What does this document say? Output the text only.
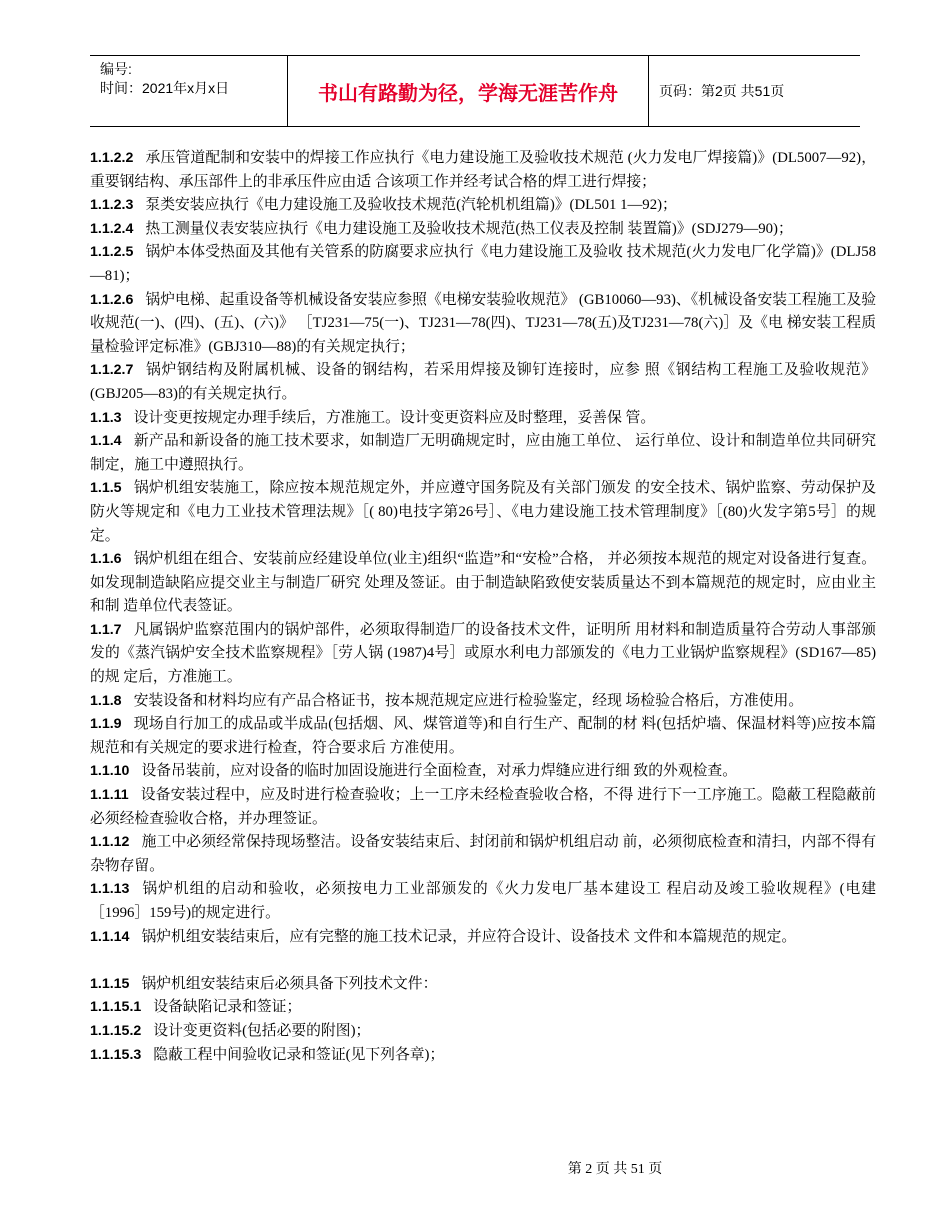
编号:
时间：2021年x月x日	书山有路勤为径，学海无涯苦作舟	页码：第2页 共51页

1.1.2.2 承压管道配制和安装中的焊接工作应执行《电力建设施工及验收技术规范 (火力发电厂焊接篇)》(DL5007—92)，重要钢结构、承压部件上的非承压件应由适 合该项工作并经考试合格的焊工进行焊接；

1.1.2.3 泵类安装应执行《电力建设施工及验收技术规范(汽轮机机组篇)》(DL501 1—92)；

1.1.2.4 热工测量仪表安装应执行《电力建设施工及验收技术规范(热工仪表及控制 装置篇)》(SDJ279—90)；

1.1.2.5 锅炉本体受热面及其他有关管系的防腐要求应执行《电力建设施工及验收 技术规范(火力发电厂化学篇)》(DLJ58—81)；

1.1.2.6 锅炉电梯、起重设备等机械设备安装应参照《电梯安装验收规范》 (GB10060—93)、《机械设备安装工程施工及验收规范(一)、(四)、(五)、(六)》 ［TJ231—75(一)、TJ231—78(四)、TJ231—78(五)及TJ231—78(六)］及《电 梯安装工程质量检验评定标准》(GBJ310—88)的有关规定执行；

1.1.2.7 锅炉钢结构及附属机械、设备的钢结构，若采用焊接及铆钉连接时，应参 照《钢结构工程施工及验收规范》(GBJ205—83)的有关规定执行。

1.1.3 设计变更按规定办理手续后，方准施工。设计变更资料应及时整理，妥善保 管。

1.1.4 新产品和新设备的施工技术要求，如制造厂无明确规定时，应由施工单位、 运行单位、设计和制造单位共同研究制定，施工中遵照执行。

1.1.5 锅炉机组安装施工，除应按本规范规定外，并应遵守国务院及有关部门颁发 的安全技术、锅炉监察、劳动保护及防火等规定和《电力工业技术管理法规》［( 80)电技字第26号］、《电力建设施工技术管理制度》［(80)火发字第5号］的规 定。

1.1.6 锅炉机组在组合、安装前应经建设单位(业主)组织“监造”和“安检”合格， 并必须按本规范的规定对设备进行复查。如发现制造缺陷应提交业主与制造厂研究 处理及签证。由于制造缺陷致使安装质量达不到本篇规范的规定时，应由业主和制 造单位代表签证。

1.1.7 凡属锅炉监察范围内的锅炉部件，必须取得制造厂的设备技术文件，证明所 用材料和制造质量符合劳动人事部颁发的《蒸汽锅炉安全技术监察规程》［劳人锅 (1987)4号］或原水利电力部颁发的《电力工业锅炉监察规程》(SD167—85)的规 定后，方准施工。

1.1.8 安装设备和材料均应有产品合格证书，按本规范规定应进行检验鉴定，经现 场检验合格后，方准使用。

1.1.9 现场自行加工的成品或半成品(包括烟、风、煤管道等)和自行生产、配制的材 料(包括炉墙、保温材料等)应按本篇规范和有关规定的要求进行检查，符合要求后 方准使用。

1.1.10 设备吊装前，应对设备的临时加固设施进行全面检查，对承力焊缝应进行细 致的外观检查。

1.1.11 设备安装过程中，应及时进行检查验收；上一工序未经检查验收合格，不得 进行下一工序施工。隐蔽工程隐蔽前必须经检查验收合格，并办理签证。

1.1.12 施工中必须经常保持现场整洁。设备安装结束后、封闭前和锅炉机组启动 前，必须彻底检查和清扫，内部不得有杂物存留。

1.1.13 锅炉机组的启动和验收，必须按电力工业部颁发的《火力发电厂基本建设工 程启动及竣工验收规程》(电建［1996］159号)的规定进行。

1.1.14 锅炉机组安装结束后，应有完整的施工技术记录，并应符合设计、设备技术 文件和本篇规范的规定。

1.1.15 锅炉机组安装结束后必须具备下列技术文件：

1.1.15.1 设备缺陷记录和签证；

1.1.15.2 设计变更资料(包括必要的附图)；

1.1.15.3 隐蔽工程中间验收记录和签证(见下列各章)；

第 2 页 共 51 页
